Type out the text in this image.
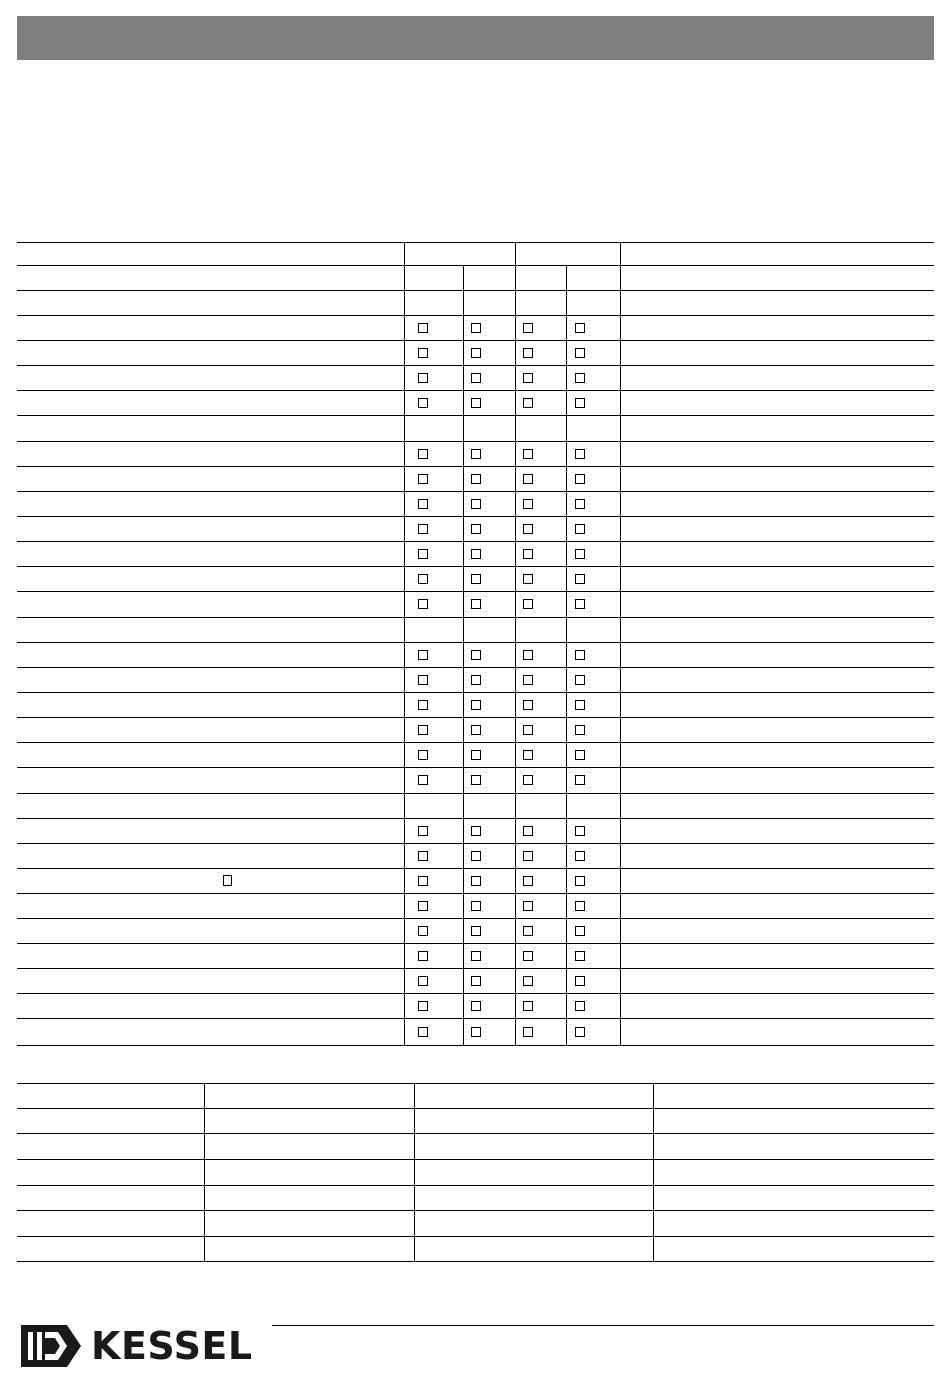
KESSEL
